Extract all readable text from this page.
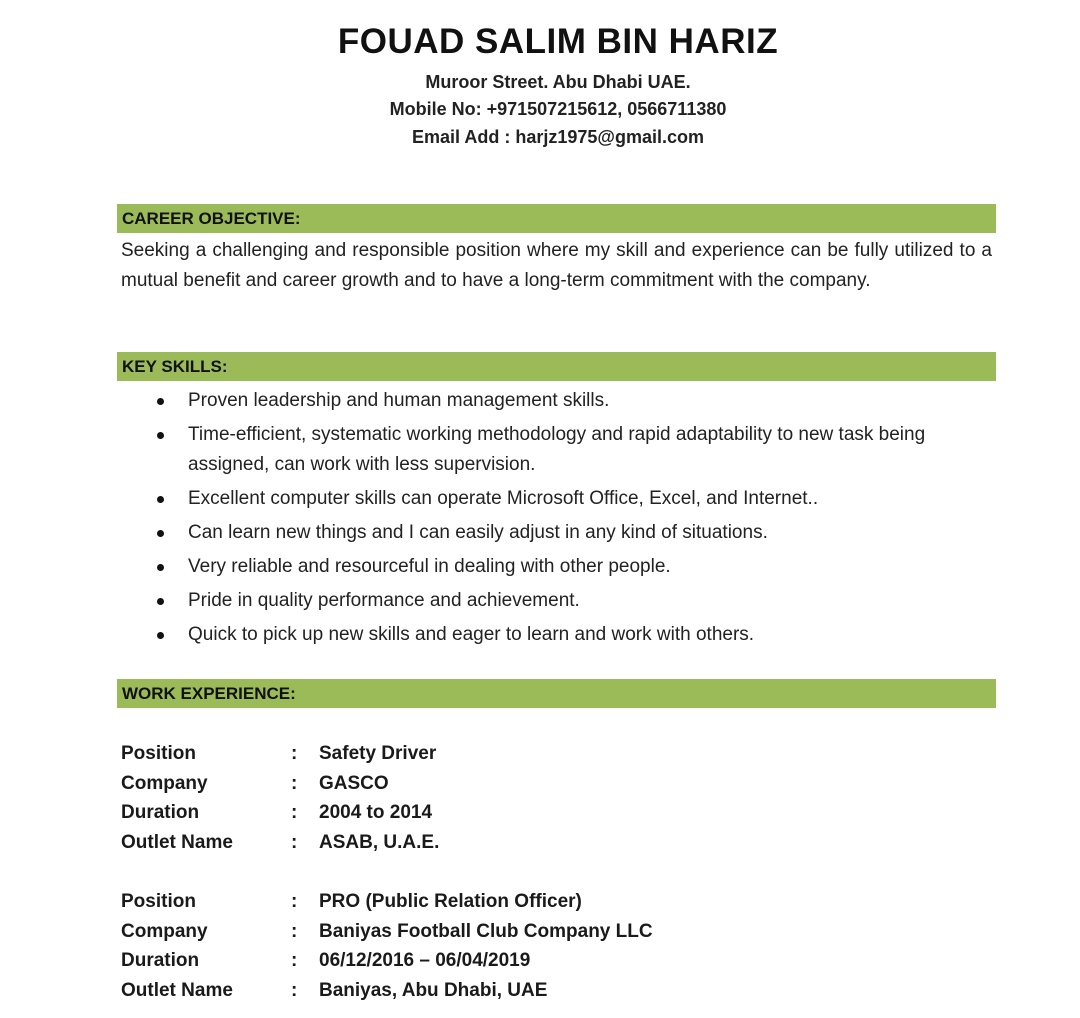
FOUAD SALIM BIN HARIZ
Muroor Street. Abu Dhabi UAE.
Mobile No: +971507215612, 0566711380
Email Add : harjz1975@gmail.com
CAREER OBJECTIVE:
Seeking a challenging and responsible position where my skill and experience can be fully utilized to a mutual benefit and career growth and to have a long-term commitment with the company.
KEY SKILLS:
Proven leadership and human management skills.
Time-efficient, systematic working methodology and rapid adaptability to new task being assigned, can work with less supervision.
Excellent computer skills can operate Microsoft Office, Excel, and Internet..
Can learn new things and I can easily adjust in any kind of situations.
Very reliable and resourceful in dealing with other people.
Pride in quality performance and achievement.
Quick to pick up new skills and eager to learn and work with others.
WORK EXPERIENCE:
Position	:	Safety Driver
Company	:	GASCO
Duration	:	2004 to 2014
Outlet Name	:	ASAB, U.A.E.
Position	:	PRO (Public Relation Officer)
Company	:	Baniyas Football Club Company LLC
Duration	:	06/12/2016 – 06/04/2019
Outlet Name	:	Baniyas, Abu Dhabi, UAE
